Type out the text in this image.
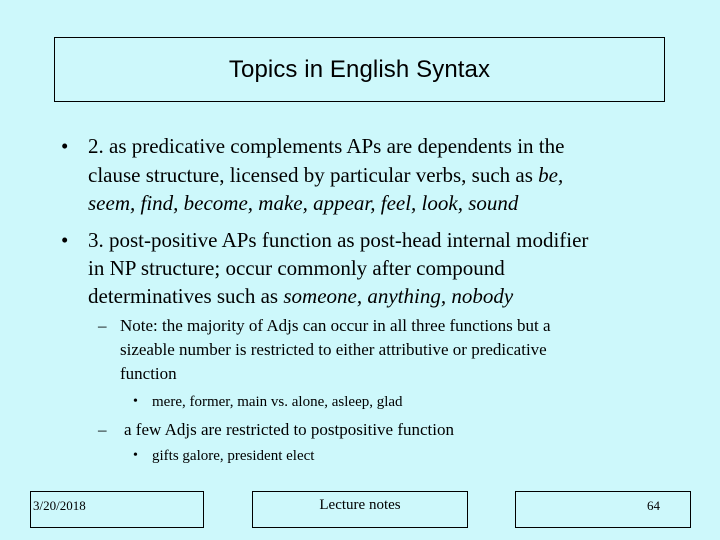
Topics in English Syntax
• 2. as predicative complements APs are dependents in the
clause structure, licensed by particular verbs, such as be,
seem, find, become, make, appear, feel, look, sound
• 3. post-positive APs function as post-head internal modifier
in NP structure; occur commonly after compound
determinatives such as someone, anything, nobody
– Note: the majority of Adjs can occur in all three functions but a
sizeable number is restricted to either attributive or predicative
function
• mere, former, main vs. alone, asleep, glad
– a few Adjs are restricted to postpositive function
• gifts galore, president elect
3/20/2018	Lecture notes	64
